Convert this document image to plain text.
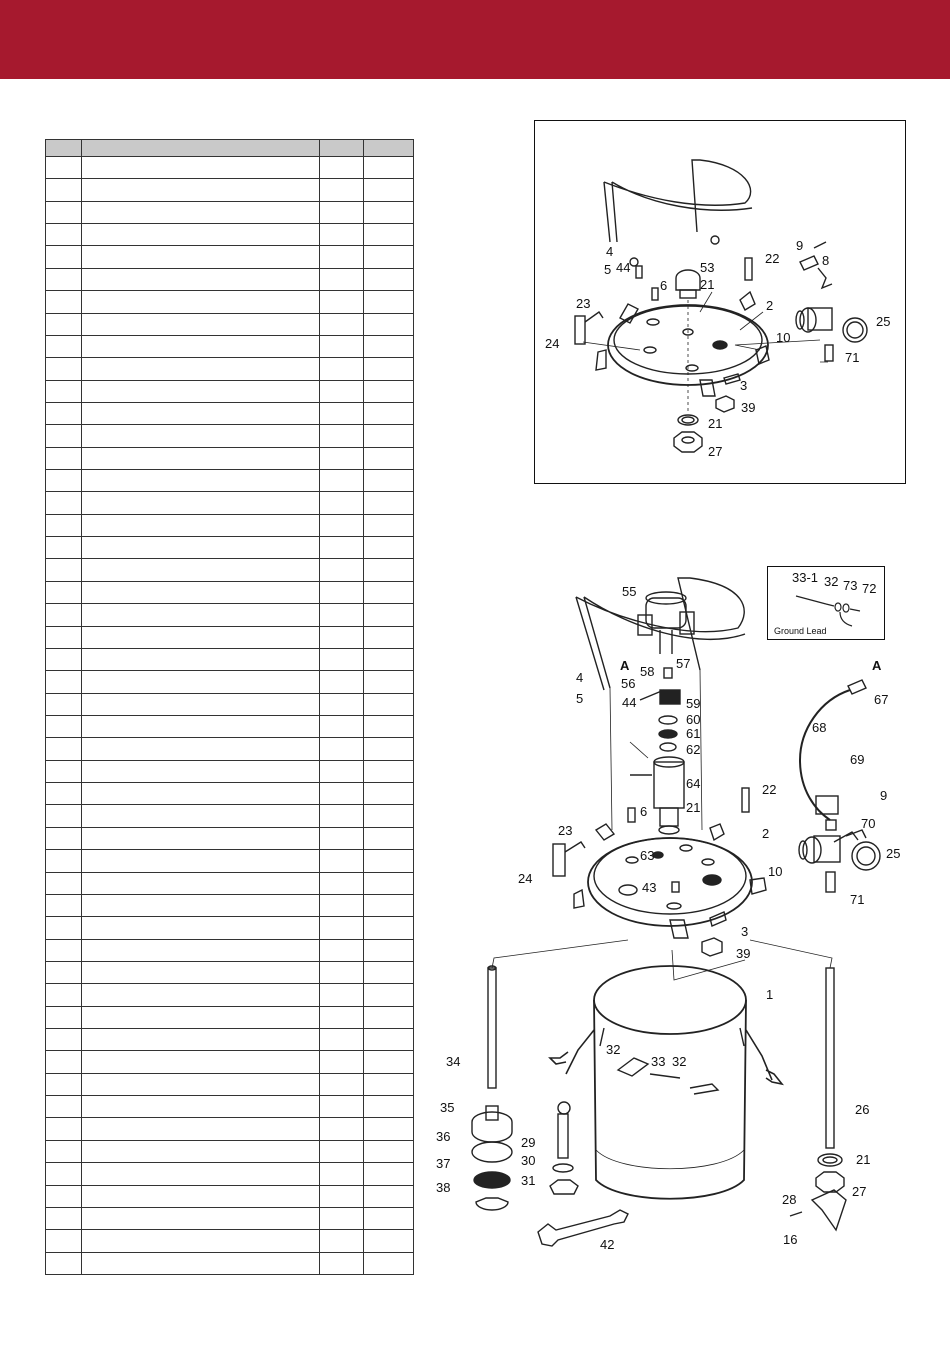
4
5 44	53
21
6
22
9
8
23	2
25
24	10
71
3
39
21
27
55
33-1 32 73 72
A 58
57
56
4
5	44	59
60
61
62
A
67
68
64
69
21
22	9
6
23	2
70
63	25
24
43
10
71
3
39
1
34
32
33 32
35	26
36	29
30	21
37
31
27
38
28
16
42

Ground Lead
